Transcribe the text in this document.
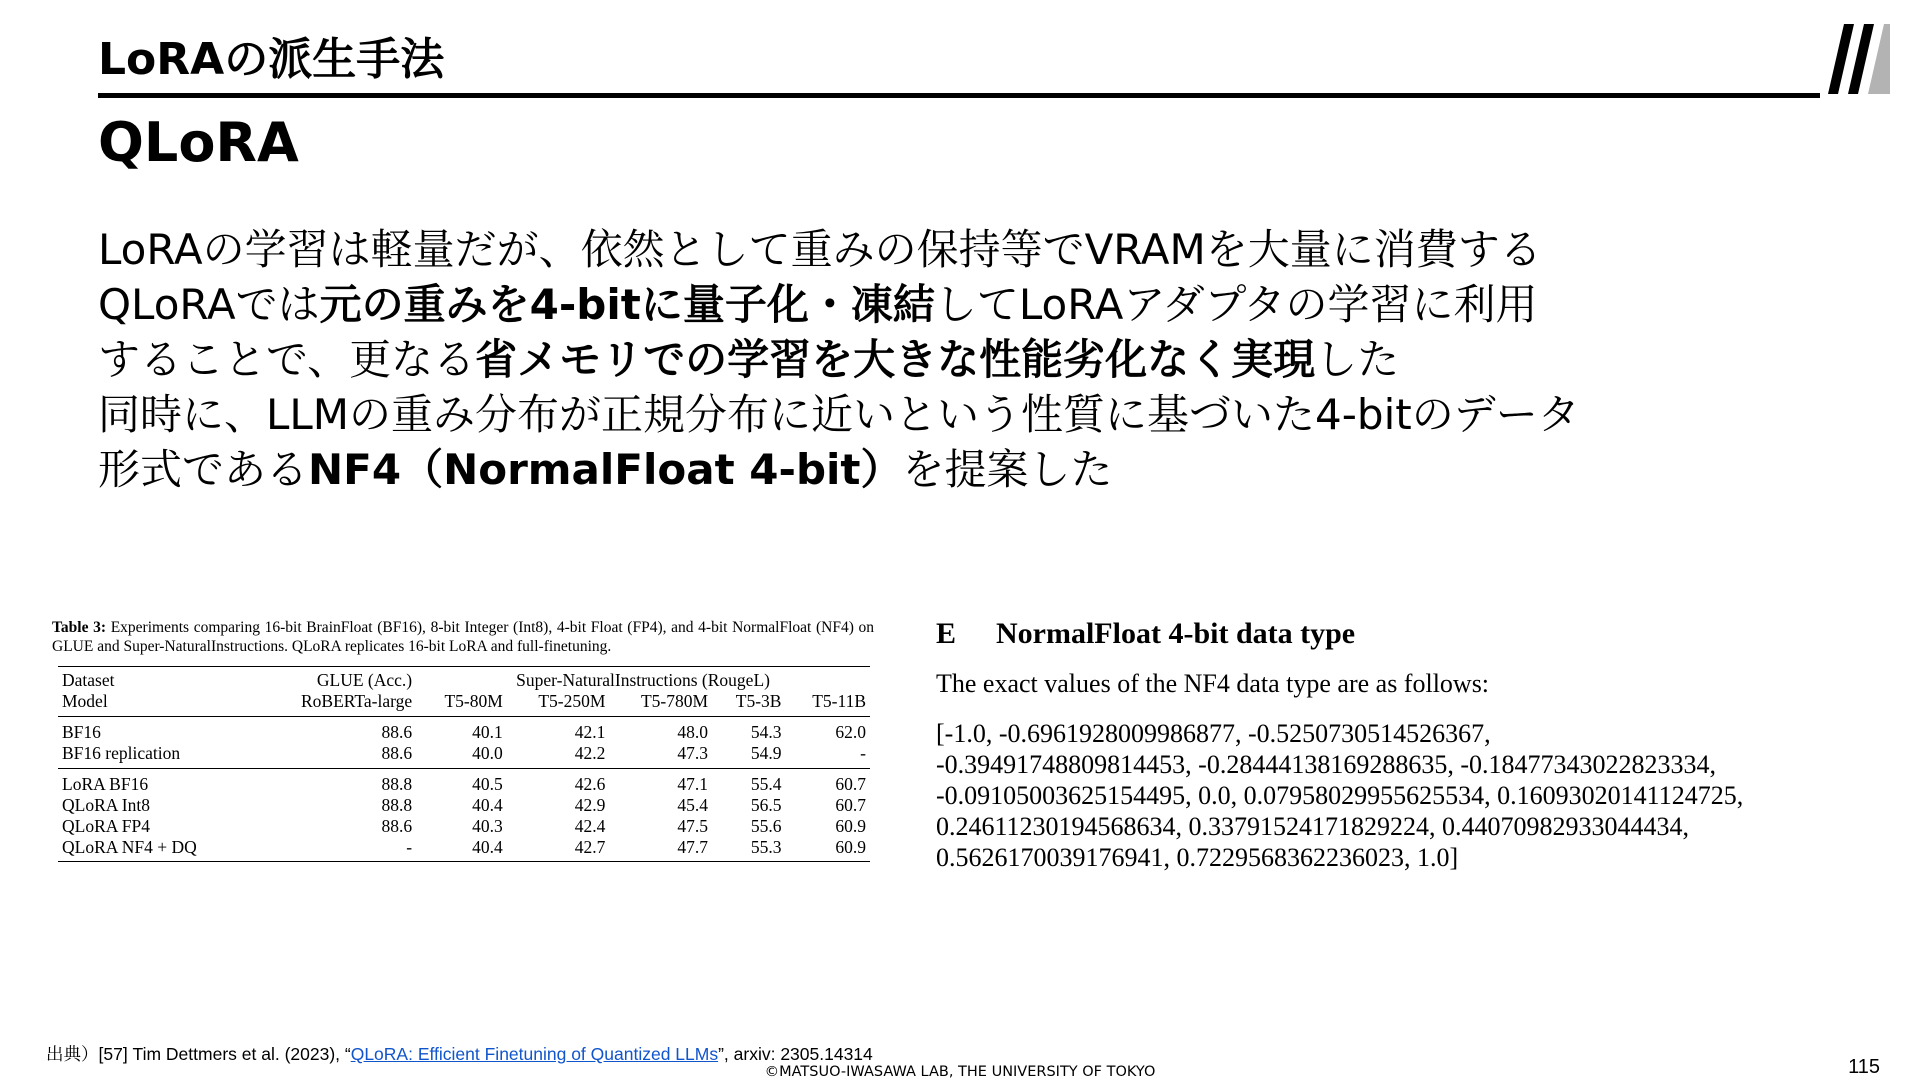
LoRAの派生手法
QLoRA
LoRAの学習は軽量だが、依然として重みの保持等でVRAMを大量に消費する
QLoRAでは元の重みを4-bitに量子化・凍結してLoRAアダプタの学習に利用
することで、更なる省メモリでの学習を大きな性能劣化なく実現した
同時に、LLMの重み分布が正規分布に近いという性質に基づいた4-bitのデータ
形式であるNF4（NormalFloat 4-bit）を提案した
Table 3: Experiments comparing 16-bit BrainFloat (BF16), 8-bit Integer (Int8), 4-bit Float (FP4), and 4-bit NormalFloat (NF4) on GLUE and Super-NaturalInstructions. QLoRA replicates 16-bit LoRA and full-finetuning.
Dataset	GLUE (Acc.)	Super-NaturalInstructions (RougeL)				
Model	RoBERTa-large	T5-80M	T5-250M	T5-780M	T5-3B	T5-11B
BF16	88.6	40.1	42.1	48.0	54.3	62.0
BF16 replication	88.6	40.0	42.2	47.3	54.9	-
LoRA BF16	88.8	40.5	42.6	47.1	55.4	60.7
QLoRA Int8	88.8	40.4	42.9	45.4	56.5	60.7
QLoRA FP4	88.6	40.3	42.4	47.5	55.6	60.9
QLoRA NF4 + DQ	-	40.4	42.7	47.7	55.3	60.9
E NormalFloat 4-bit data type

The exact values of the NF4 data type are as follows:

[-1.0, -0.6961928009986877, -0.5250730514526367,
-0.39491748809814453, -0.28444138169288635, -0.18477343022823334,
-0.09105003625154495, 0.0, 0.07958029955625534, 0.16093020141124725,
0.24611230194568634, 0.33791524171829224, 0.44070982933044434,
0.5626170039176941, 0.7229568362236023, 1.0]
出典）[57] Tim Dettmers et al. (2023), “QLoRA: Efficient Finetuning of Quantized LLMs”, arxiv: 2305.14314
©MATSUO-IWASAWA LAB, THE UNIVERSITY OF TOKYO	115
